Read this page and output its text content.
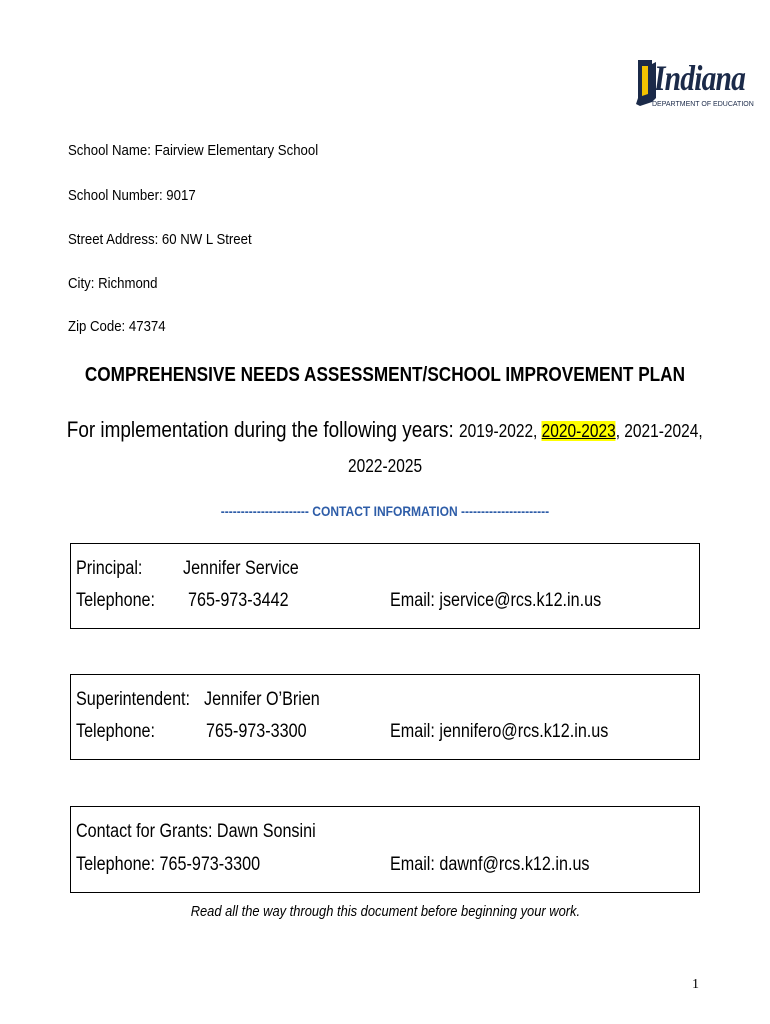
Indiana
DEPARTMENT OF EDUCATION
School Name: Fairview Elementary School
School Number: 9017
Street Address: 60 NW L Street
City: Richmond
Zip Code: 47374
COMPREHENSIVE NEEDS ASSESSMENT/SCHOOL IMPROVEMENT PLAN
For implementation during the following years: 2019-2022, 2020-2023, 2021-2024,
2022-2025
---------------------- CONTACT INFORMATION ----------------------
Principal: Jennifer Service
Telephone: 765-973-3442	Email: jservice@rcs.k12.in.us
Superintendent: Jennifer O’Brien
Telephone:	765-973-3300	Email: jennifero@rcs.k12.in.us
Contact for Grants: Dawn Sonsini
Telephone: 765-973-3300	Email: dawnf@rcs.k12.in.us
Read all the way through this document before beginning your work.
1
